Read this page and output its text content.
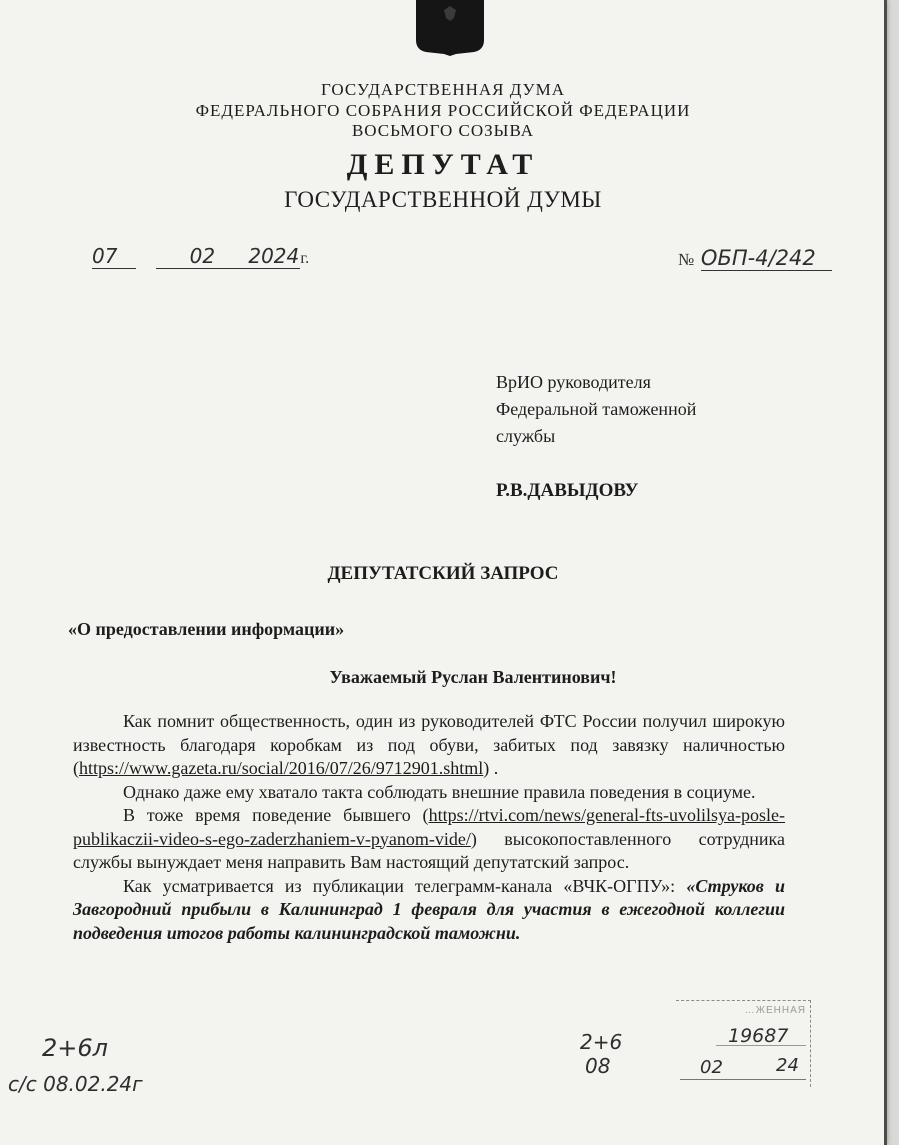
ГОСУДАРСТВЕННАЯ ДУМА
ФЕДЕРАЛЬНОГО СОБРАНИЯ РОССИЙСКОЙ ФЕДЕРАЦИИ
ВОСЬМОГО СОЗЫВА
ДЕПУТАТ
ГОСУДАРСТВЕННОЙ ДУМЫ
07	02 2024г.	№ ОБП-4/242
ВрИО руководителя
Федеральной таможенной
службы
Р.В.ДАВЫДОВУ
ДЕПУТАТСКИЙ ЗАПРОС
«О предоставлении информации»
Уважаемый Руслан Валентинович!

Как помнит общественность, один из руководителей ФТС России получил широкую известность благодаря коробкам из под обуви, забитых под завязку наличностью (https://www.gazeta.ru/social/2016/07/26/9712901.shtml) .

Однако даже ему хватало такта соблюдать внешние правила поведения в социуме.

В тоже время поведение бывшего (https://rtvi.com/news/general-fts-uvolilsya-posle-publikaczii-video-s-ego-zaderzhaniem-v-pyanom-vide/) высокопоставленного сотрудника службы вынуждает меня направить Вам настоящий депутатский запрос.

Как усматривается из публикации телеграмм-канала «ВЧК-ОГПУ»: «Струков и Завгородний прибыли в Калининград 1 февраля для участия в ежегодной коллегии подведения итогов работы калининградской таможни.

2+6л
с/с 08.02.24г
2+6
08
…ЖЕННАЯ
19687
02	24
